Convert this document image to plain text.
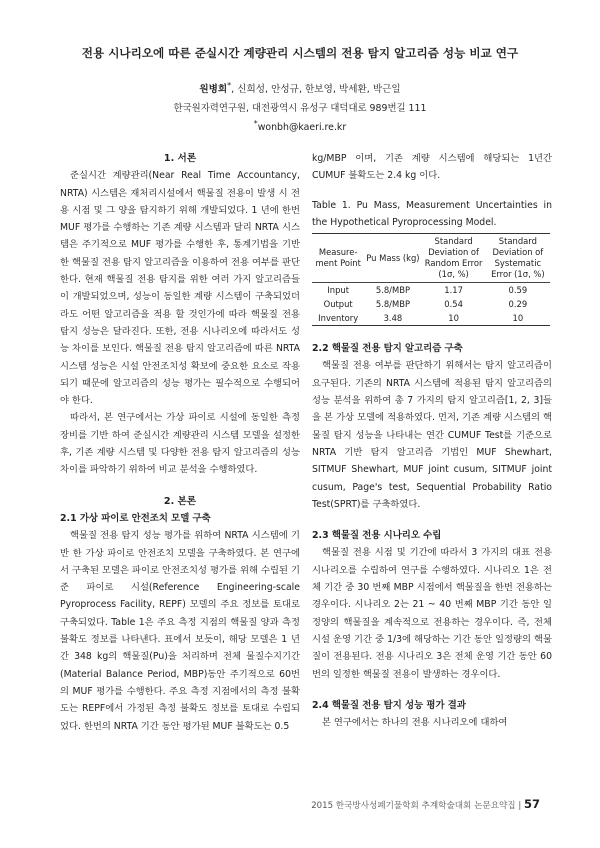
전용 시나리오에 따른 준실시간 계량관리 시스템의 전용 탐지 알고리즘 성능 비교 연구
원병희*, 신희성, 안성규, 한보영, 박세환, 박근일
한국원자력연구원, 대전광역시 유성구 대덕대로 989번길 111
*wonbh@kaeri.re.kr
1. 서론

준실시간 계량관리(Near Real Time Accountancy, NRTA) 시스템은 재처리시설에서 핵물질 전용이 발생 시 전용 시점 및 그 양을 탐지하기 위해 개발되었다. 1 년에 한번 MUF 평가를 수행하는 기존 계량 시스템과 달리 NRTA 시스템은 주기적으로 MUF 평가를 수행한 후, 통계기법을 기반 한 핵물질 전용 탐지 알고리즘을 이용하여 전용 여부를 판단한다. 현재 핵물질 전용 탐지를 위한 여러 가지 알고리즘들이 개발되었으며, 성능이 동일한 계량 시스템이 구축되었더라도 어떤 알고리즘을 적용 할 것인가에 따라 핵물질 전용 탐지 성능은 달라진다. 또한, 전용 시나리오에 따라서도 성능 차이를 보인다. 핵물질 전용 탐지 알고리즘에 따른 NRTA 시스템 성능은 시설 안전조치성 확보에 중요한 요소로 작용되기 때문에 알고리즘의 성능 평가는 필수적으로 수행되어야 한다.

따라서, 본 연구에서는 가상 파이로 시설에 동일한 측정 장비를 기반 하여 준실시간 계량관리 시스템 모델을 설정한 후, 기존 계량 시스템 및 다양한 전용 탐지 알고리즘의 성능 차이를 파악하기 위하여 비교 분석을 수행하였다.

2. 본론
2.1 가상 파이로 안전조치 모델 구축

핵물질 전용 탐지 성능 평가를 위하여 NRTA 시스템에 기반 한 가상 파이로 안전조치 모델을 구축하였다. 본 연구에서 구축된 모델은 파이로 안전조치성 평가를 위해 수립된 기준 파이로 시설(Reference Engineering-scale Pyroprocess Facility, REPF) 모델의 주요 정보를 토대로 구축되었다. Table 1은 주요 측정 지점의 핵물질 양과 측정 불확도 정보를 나타낸다. 표에서 보듯이, 해당 모델은 1 년간 348 kg의 핵물질(Pu)을 처리하며 전체 물질수지기간(Material Balance Period, MBP)동안 주기적으로 60번의 MUF 평가를 수행한다. 주요 측정 지점에서의 측정 불확도는 REPF에서 가정된 측정 불확도 정보를 토대로 수립되었다. 한번의 NRTA 기간 동안 평가된 MUF 불확도는 0.5

kg/MBP 이며, 기존 계량 시스템에 해당되는 1년간 CUMUF 불확도는 2.4 kg 이다.

Table 1. Pu Mass, Measurement Uncertainties in the Hypothetical Pyroprocessing Model.

Measure-ment Point	Pu Mass (kg)	Standard Deviation of Random Error (1σ, %)	Standard Deviation of Systematic Error (1σ, %)
Input	5.8/MBP	1.17	0.59
Output	5.8/MBP	0.54	0.29
Inventory	3.48	10	10
2.2 핵물질 전용 탐지 알고리즘 구축

핵물질 전용 여부를 판단하기 위해서는 탐지 알고리즘이 요구된다. 기존의 NRTA 시스템에 적용된 탐지 알고리즘의 성능 분석을 위하여 총 7 가지의 탐지 알고리즘[1, 2, 3]들을 본 가상 모델에 적용하였다. 먼저, 기존 계량 시스템의 핵물질 탐지 성능을 나타내는 연간 CUMUF Test를 기준으로 NRTA 기반 탐지 알고리즘 기법인 MUF Shewhart, SITMUF Shewhart, MUF joint cusum, SITMUF joint cusum, Page's test, Sequential Probability Ratio Test(SPRT)를 구축하였다.

2.3 핵물질 전용 시나리오 수립

핵물질 전용 시점 및 기간에 따라서 3 가지의 대표 전용 시나리오를 수립하여 연구를 수행하였다. 시나리오 1은 전체 기간 중 30 번째 MBP 시점에서 핵물질을 한번 전용하는 경우이다. 시나리오 2는 21 ~ 40 번째 MBP 기간 동안 일정양의 핵물질을 계속적으로 전용하는 경우이다. 즉, 전체 시설 운영 기간 중 1/3에 해당하는 기간 동안 일정량의 핵물질이 전용된다. 전용 시나리오 3은 전체 운영 기간 동안 60번의 일정한 핵물질 전용이 발생하는 경우이다.

2.4 핵물질 전용 탐지 성능 평가 결과

본 연구에서는 하나의 전용 시나리오에 대하여

2015 한국방사성폐기물학회 추계학술대회 논문요약집 | 57
